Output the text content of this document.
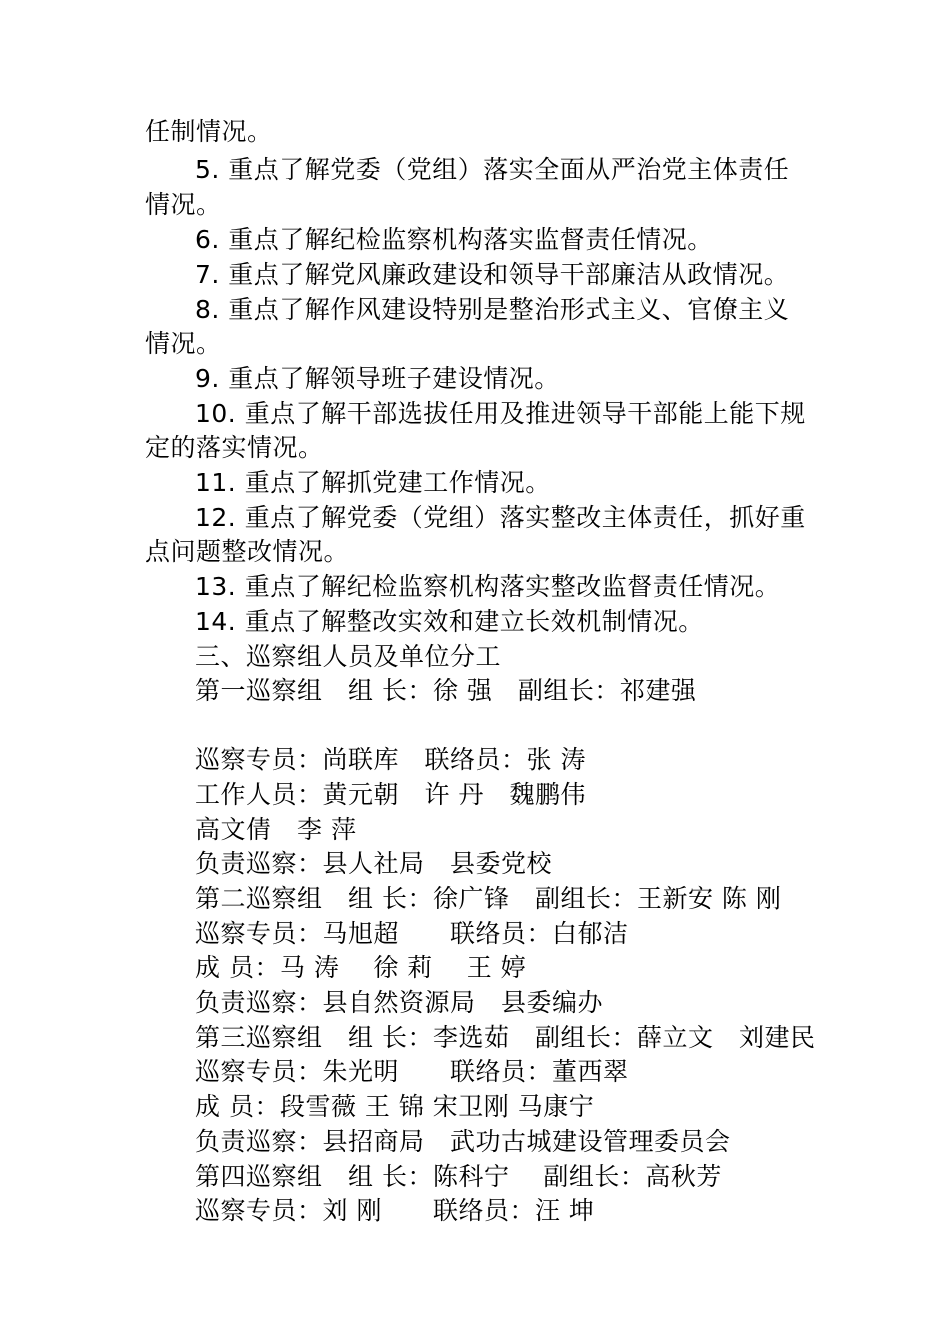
任制情况。
5. 重点了解党委（党组）落实全面从严治党主体责任
情况。
6. 重点了解纪检监察机构落实监督责任情况。
7. 重点了解党风廉政建设和领导干部廉洁从政情况。
8. 重点了解作风建设特别是整治形式主义、官僚主义
情况。
9. 重点了解领导班子建设情况。
10. 重点了解干部选拔任用及推进领导干部能上能下规
定的落实情况。
11. 重点了解抓党建工作情况。
12. 重点了解党委（党组）落实整改主体责任，抓好重
点问题整改情况。
13. 重点了解纪检监察机构落实整改监督责任情况。
14. 重点了解整改实效和建立长效机制情况。
三、巡察组人员及单位分工
第一巡察组　组 长：徐 强　副组长：祁建强
巡察专员：尚联库　联络员：张 涛
工作人员：黄元朝　许 丹　魏鹏伟
高文倩　李 萍
负责巡察：县人社局　县委党校
第二巡察组　组 长：徐广锋　副组长：王新安 陈 刚
巡察专员：马旭超　　联络员：白郁洁
成 员：马 涛　 徐 莉　 王 婷
负责巡察：县自然资源局　县委编办
第三巡察组　组 长：李选茹　副组长：薛立文　刘建民
巡察专员：朱光明　　联络员：董西翠
成 员：段雪薇 王 锦 宋卫刚 马康宁
负责巡察：县招商局　武功古城建设管理委员会
第四巡察组　组 长：陈科宁　 副组长：高秋芳
巡察专员：刘 刚　　联络员：汪 坤
